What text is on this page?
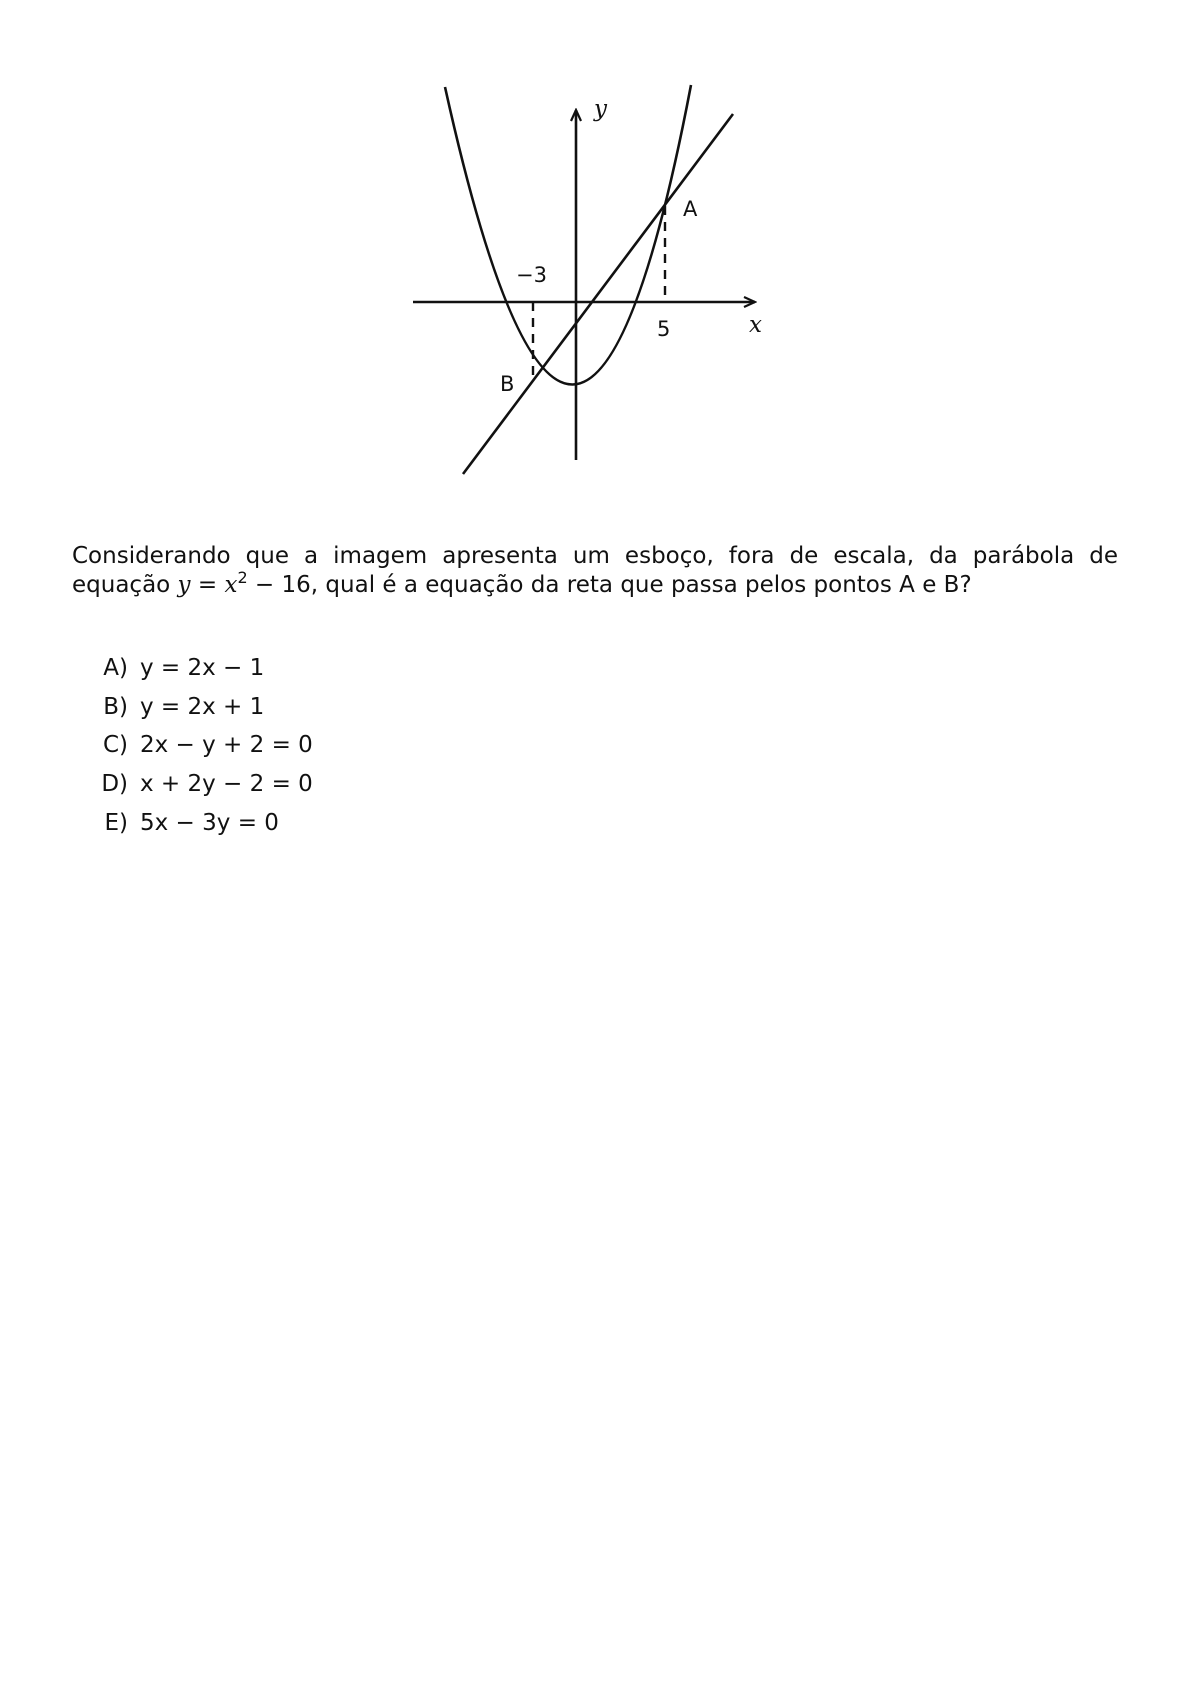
y
x
−3
5
A
B
Considerando que a imagem apresenta um esboço, fora de escala, da parábola de
equação $y = x^2 - 16$, qual é a equação da reta que passa pelos pontos A e B?
A) y = 2x − 1
B) y = 2x + 1
C) 2x − y + 2 = 0
D) x + 2y − 2 = 0
E) 5x − 3y = 0
